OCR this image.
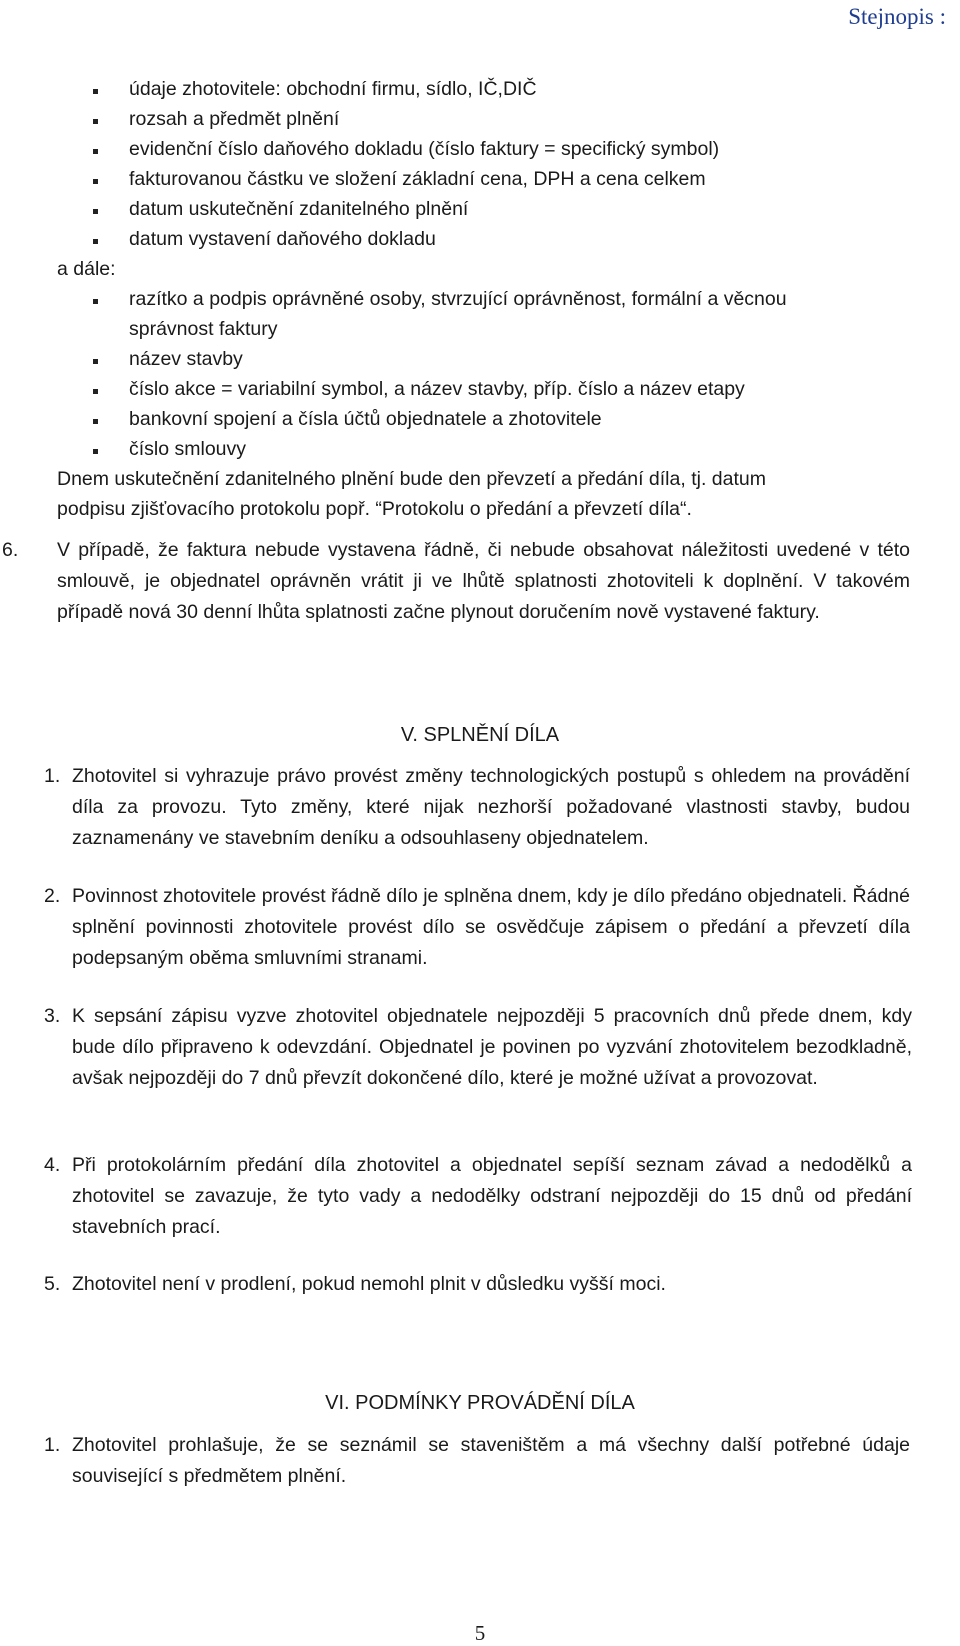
Stejnopis :
údaje zhotovitele: obchodní firmu, sídlo, IČ,DIČ
rozsah a předmět plnění
evidenční číslo daňového dokladu (číslo faktury = specifický symbol)
fakturovanou částku ve složení základní cena, DPH a cena celkem
datum uskutečnění zdanitelného plnění
datum vystavení daňového dokladu
a dále:
razítko a podpis oprávněné osoby, stvrzující oprávněnost, formální a věcnou
správnost faktury
název stavby
číslo akce = variabilní symbol, a název stavby, příp. číslo a název etapy
bankovní spojení a čísla účtů objednatele a zhotovitele
číslo smlouvy
Dnem uskutečnění zdanitelného plnění bude den převzetí a předání díla, tj. datum
podpisu zjišťovacího protokolu popř. “Protokolu o předání a převzetí díla“.
6. V případě, že faktura nebude vystavena řádně, či nebude obsahovat náležitosti uvedené v této smlouvě, je objednatel oprávněn vrátit ji ve lhůtě splatnosti zhotoviteli k doplnění. V takovém případě nová 30 denní lhůta splatnosti začne plynout doručením nově vystavené faktury.

V. SPLNĚNÍ DÍLA
1. Zhotovitel si vyhrazuje právo provést změny technologických postupů s ohledem na provádění díla za provozu. Tyto změny, které nijak nezhorší požadované vlastnosti stavby, budou zaznamenány ve stavebním deníku a odsouhlaseny objednatelem.

2. Povinnost zhotovitele provést řádně dílo je splněna dnem, kdy je dílo předáno objednateli. Řádné splnění povinnosti zhotovitele provést dílo se osvědčuje zápisem o předání a převzetí díla podepsaným oběma smluvními stranami.

3. K sepsání zápisu vyzve zhotovitel objednatele nejpozději 5 pracovních dnů přede dnem, kdy bude dílo připraveno k odevzdání. Objednatel je povinen po vyzvání zhotovitelem bezodkladně, avšak nejpozději do 7 dnů převzít dokončené dílo, které je možné užívat a provozovat.

4. Při protokolárním předání díla zhotovitel a objednatel sepíší seznam závad a nedodělků a zhotovitel se zavazuje, že tyto vady a nedodělky odstraní nejpozději do 15 dnů od předání stavebních prací.

5. Zhotovitel není v prodlení, pokud nemohl plnit v důsledku vyšší moci.
VI. PODMÍNKY PROVÁDĚNÍ DÍLA
1. Zhotovitel prohlašuje, že se seznámil se staveništěm a má všechny další potřebné údaje související s předmětem plnění.

5
